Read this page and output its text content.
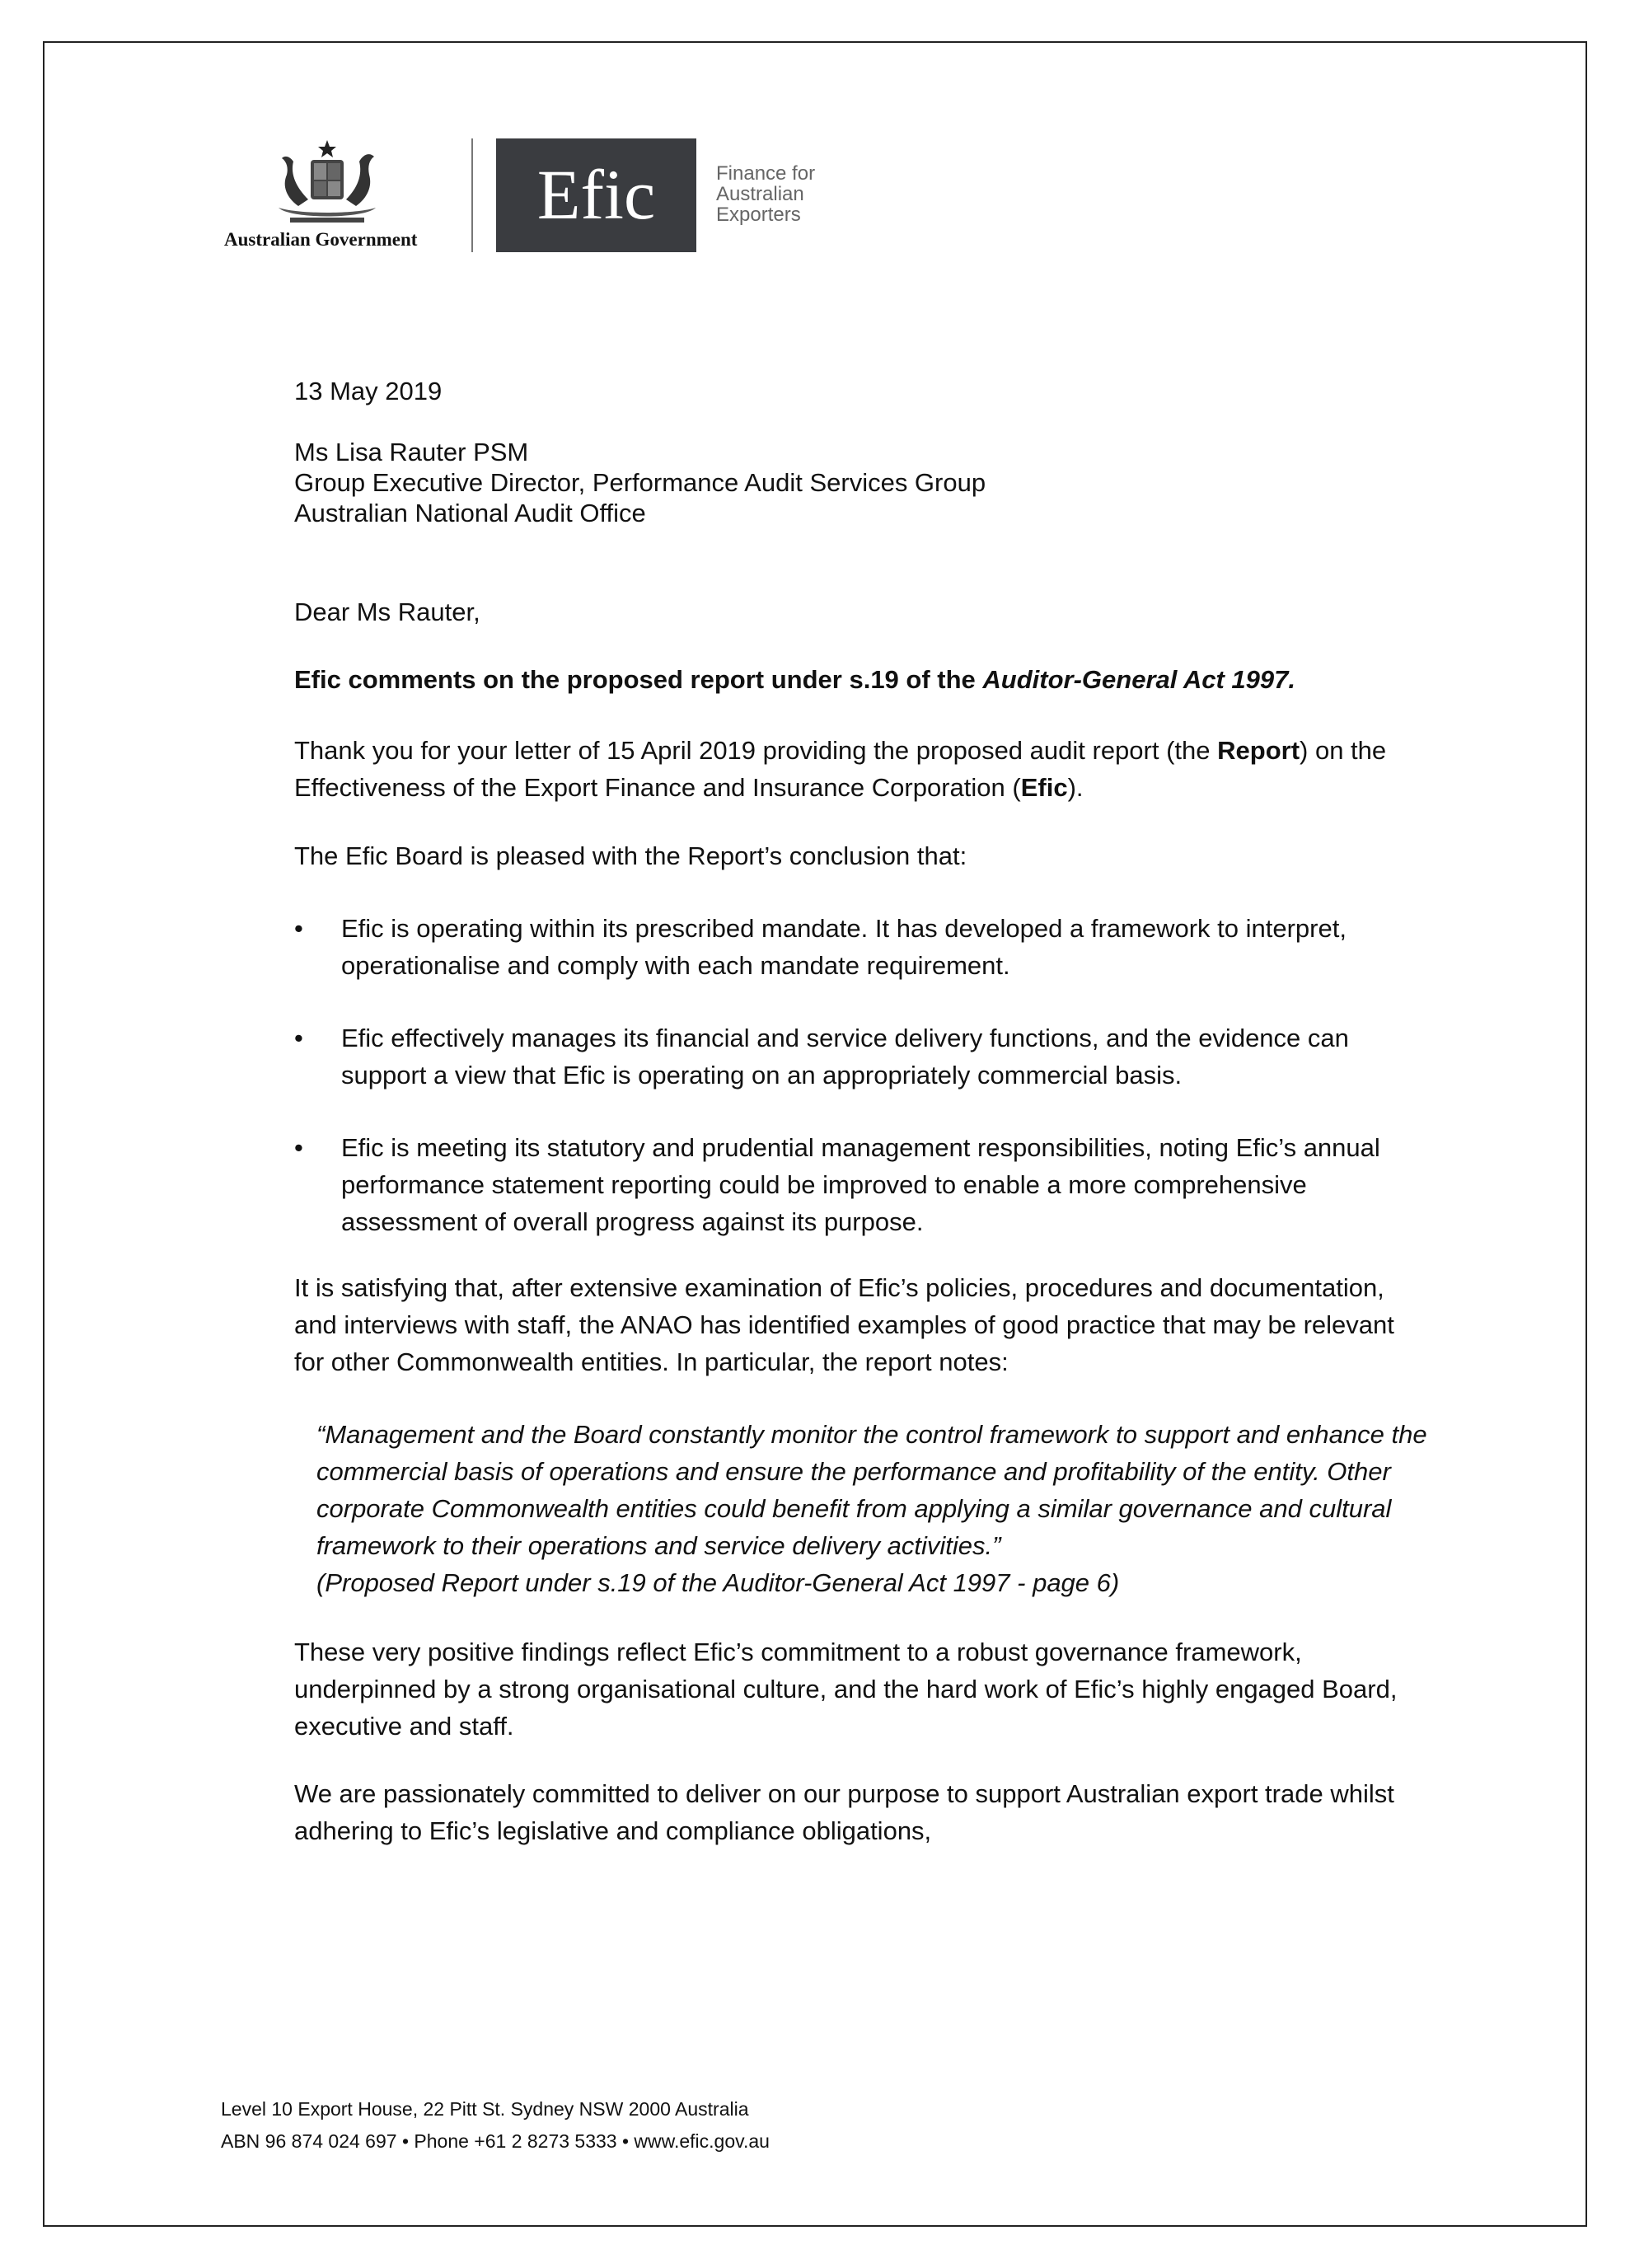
Australian Government
Efic	Finance for
Australian
Exporters
13 May 2019
Ms Lisa Rauter PSM
Group Executive Director, Performance Audit Services Group
Australian National Audit Office
Dear Ms Rauter,
Efic comments on the proposed report under s.19 of the Auditor-General Act 1997.
Thank you for your letter of 15 April 2019 providing the proposed audit report (the Report) on the Effectiveness of the Export Finance and Insurance Corporation (Efic).
The Efic Board is pleased with the Report’s conclusion that:
• Efic is operating within its prescribed mandate. It has developed a framework to interpret, operationalise and comply with each mandate requirement.
• Efic effectively manages its financial and service delivery functions, and the evidence can support a view that Efic is operating on an appropriately commercial basis.
• Efic is meeting its statutory and prudential management responsibilities, noting Efic’s annual performance statement reporting could be improved to enable a more comprehensive assessment of overall progress against its purpose.
It is satisfying that, after extensive examination of Efic’s policies, procedures and documentation, and interviews with staff, the ANAO has identified examples of good practice that may be relevant for other Commonwealth entities. In particular, the report notes:
“Management and the Board constantly monitor the control framework to support and enhance the commercial basis of operations and ensure the performance and profitability of the entity. Other corporate Commonwealth entities could benefit from applying a similar governance and cultural framework to their operations and service delivery activities.”
(Proposed Report under s.19 of the Auditor-General Act 1997 - page 6)
These very positive findings reflect Efic’s commitment to a robust governance framework, underpinned by a strong organisational culture, and the hard work of Efic’s highly engaged Board, executive and staff.
We are passionately committed to deliver on our purpose to support Australian export trade whilst adhering to Efic’s legislative and compliance obligations,
Level 10 Export House, 22 Pitt St. Sydney NSW 2000 Australia
ABN 96 874 024 697 • Phone +61 2 8273 5333 • www.efic.gov.au
